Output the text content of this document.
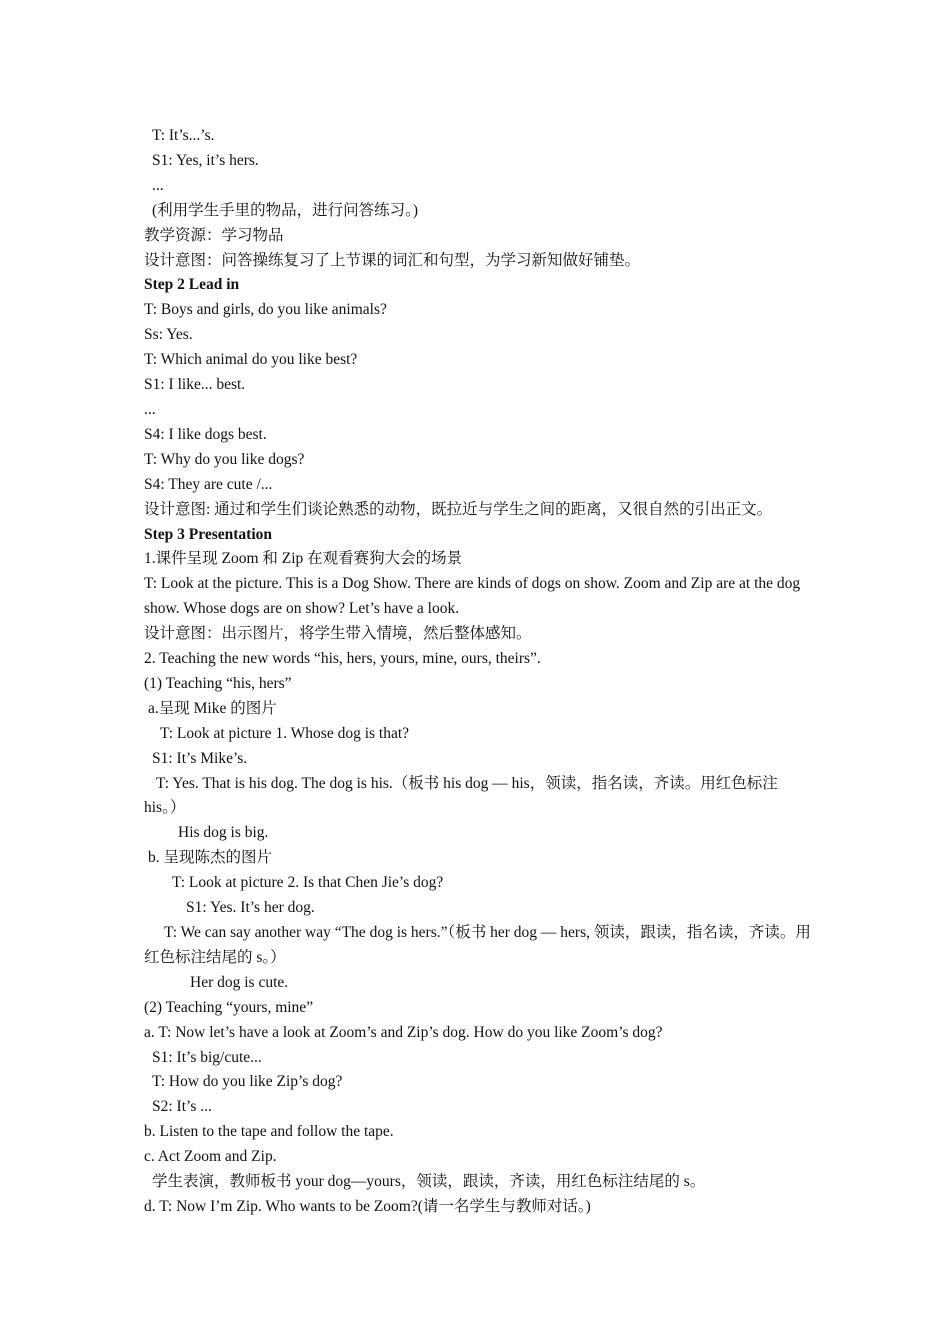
T: It’s...’s.

S1: Yes, it’s hers.

...

(利用学生手里的物品，进行问答练习。)

教学资源：学习物品

设计意图：问答操练复习了上节课的词汇和句型，为学习新知做好铺垫。

Step 2 Lead in

T: Boys and girls, do you like animals?

Ss: Yes.

T: Which animal do you like best?

S1: I like... best.

...

S4: I like dogs best.

T: Why do you like dogs?

S4: They are cute /...

设计意图: 通过和学生们谈论熟悉的动物，既拉近与学生之间的距离，又很自然的引出正文。

Step 3 Presentation

1.课件呈现 Zoom 和 Zip 在观看赛狗大会的场景

T: Look at the picture. This is a Dog Show. There are kinds of dogs on show. Zoom and Zip are at the dog show. Whose dogs are on show? Let’s have a look.

设计意图：出示图片，将学生带入情境，然后整体感知。

2. Teaching the new words “his, hers, yours, mine, ours, theirs”.

(1) Teaching “his, hers”

a.呈现 Mike 的图片

T: Look at picture 1. Whose dog is that?

S1: It’s Mike’s.

T: Yes. That is his dog. The dog is his.（板书 his dog — his，领读，指名读，齐读。用红色标注 his。）

His dog is big.

b. 呈现陈杰的图片

T: Look at picture 2. Is that Chen Jie’s dog?

S1: Yes. It’s her dog.

T: We can say another way “The dog is hers.”（板书 her dog — hers, 领读，跟读，指名读，齐读。用红色标注结尾的 s。）

Her dog is cute.

(2) Teaching “yours, mine”

a. T: Now let’s have a look at Zoom’s and Zip’s dog. How do you like Zoom’s dog?

S1: It’s big/cute...

T: How do you like Zip’s dog?

S2: It’s ...

b. Listen to the tape and follow the tape.

c. Act Zoom and Zip.

学生表演，教师板书 your dog—yours，领读，跟读，齐读，用红色标注结尾的 s。

d. T: Now I’m Zip. Who wants to be Zoom?(请一名学生与教师对话。)
